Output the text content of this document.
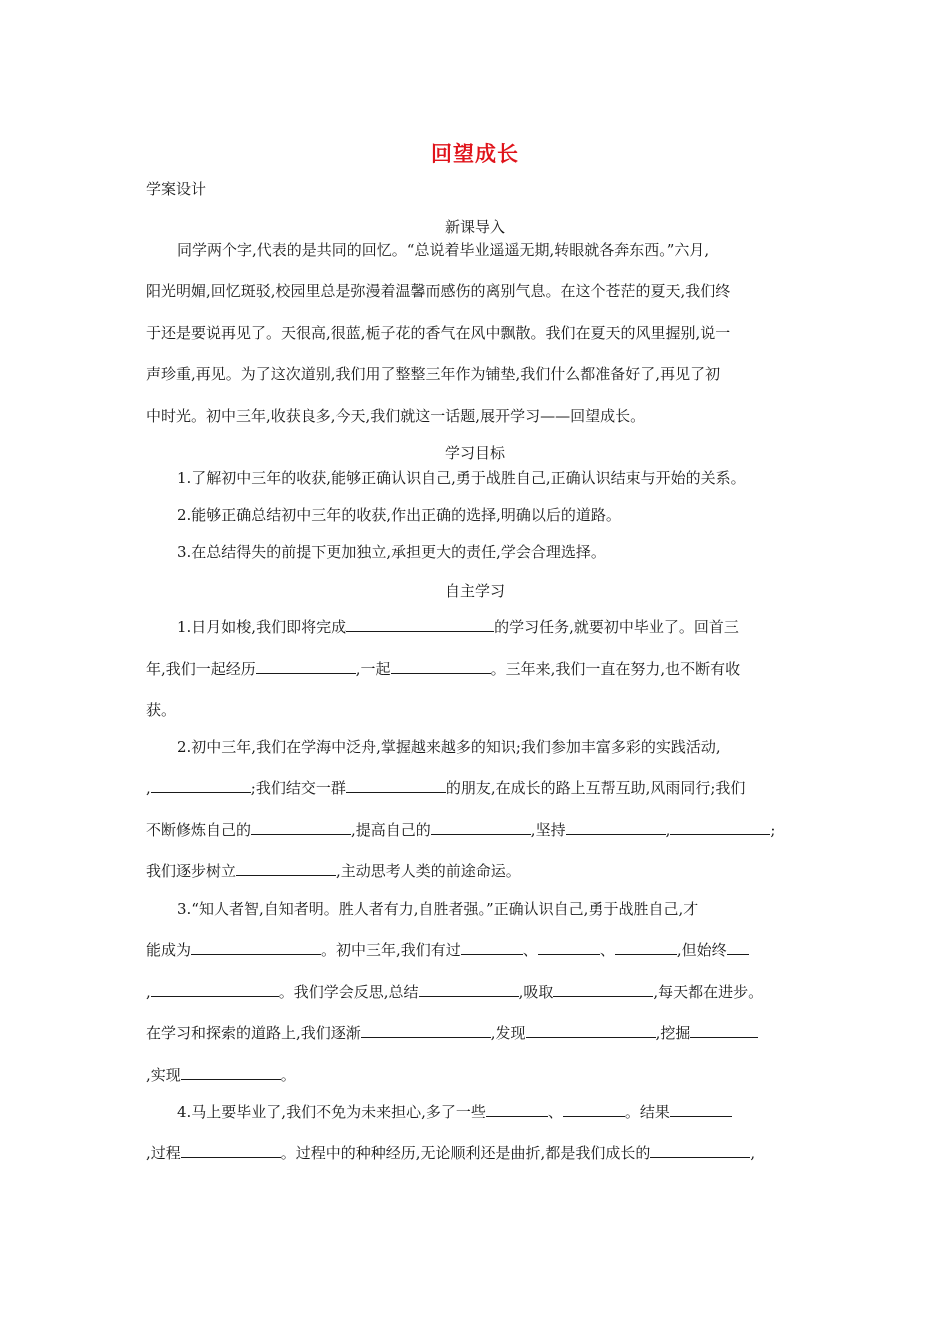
回望成长
学案设计
新课导入
同学两个字,代表的是共同的回忆。“总说着毕业遥遥无期,转眼就各奔东西。”六月,
阳光明媚,回忆斑驳,校园里总是弥漫着温馨而感伤的离别气息。在这个苍茫的夏天,我们终
于还是要说再见了。天很高,很蓝,栀子花的香气在风中飘散。我们在夏天的风里握别,说一
声珍重,再见。为了这次道别,我们用了整整三年作为铺垫,我们什么都准备好了,再见了初
中时光。初中三年,收获良多,今天,我们就这一话题,展开学习——回望成长。
学习目标
1.了解初中三年的收获,能够正确认识自己,勇于战胜自己,正确认识结束与开始的关系。
2.能够正确总结初中三年的收获,作出正确的选择,明确以后的道路。
3.在总结得失的前提下更加独立,承担更大的责任,学会合理选择。
自主学习
1.日月如梭,我们即将完成	的学习任务,就要初中毕业了。回首三
年,我们一起经历	,一起	。三年来,我们一直在努力,也不断有收
获。
2.初中三年,我们在学海中泛舟,掌握越来越多的知识;我们参加丰富多彩的实践活动,
,	;我们结交一群	的朋友,在成长的路上互帮互助,风雨同行;我们
不断修炼自己的	,提高自己的	,坚持	,	;
我们逐步树立	,主动思考人类的前途命运。
3.“知人者智,自知者明。胜人者有力,自胜者强。”正确认识自己,勇于战胜自己,才
能成为	。初中三年,我们有过	、	、	,但始终
,	。我们学会反思,总结	,吸取	,每天都在进步。
在学习和探索的道路上,我们逐渐	,发现	,挖掘
,实现	。
4.马上要毕业了,我们不免为未来担心,多了一些	、	。结果
,过程	。过程中的种种经历,无论顺利还是曲折,都是我们成长的	,
